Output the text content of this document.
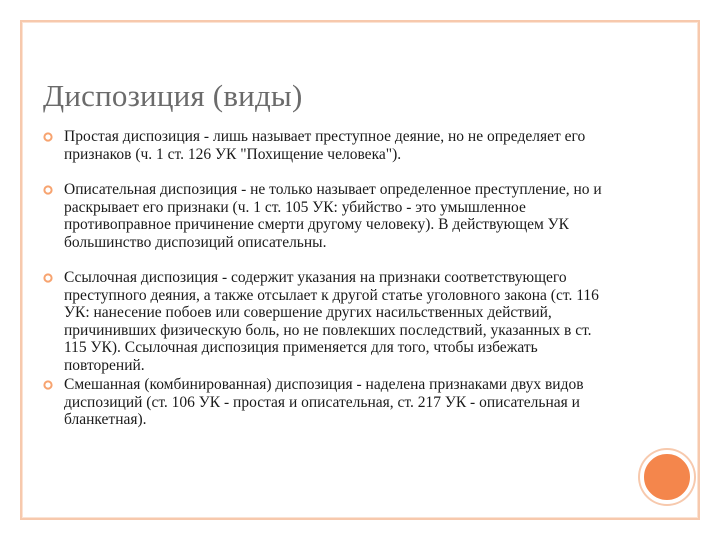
Диспозиция (виды)
Простая диспозиция - лишь называет преступное деяние, но не определяет его признаков (ч. 1 ст. 126 УК "Похищение человека").
Описательная диспозиция - не только называет определенное преступление, но и раскрывает его признаки (ч. 1 ст. 105 УК: убийство - это умышленное противоправное причинение смерти другому человеку). В действующем УК большинство диспозиций описательны.
Ссылочная диспозиция - содержит указания на признаки соответствующего преступного деяния, а также отсылает к другой статье уголовного закона (ст. 116 УК: нанесение побоев или совершение других насильственных действий, причинивших физическую боль, но не повлекших последствий, указанных в ст. 115 УК). Ссылочная диспозиция применяется для того, чтобы избежать повторений.
Смешанная (комбинированная) диспозиция - наделена признаками двух видов диспозиций (ст. 106 УК - простая и описательная, ст. 217 УК - описательная и бланкетная).
